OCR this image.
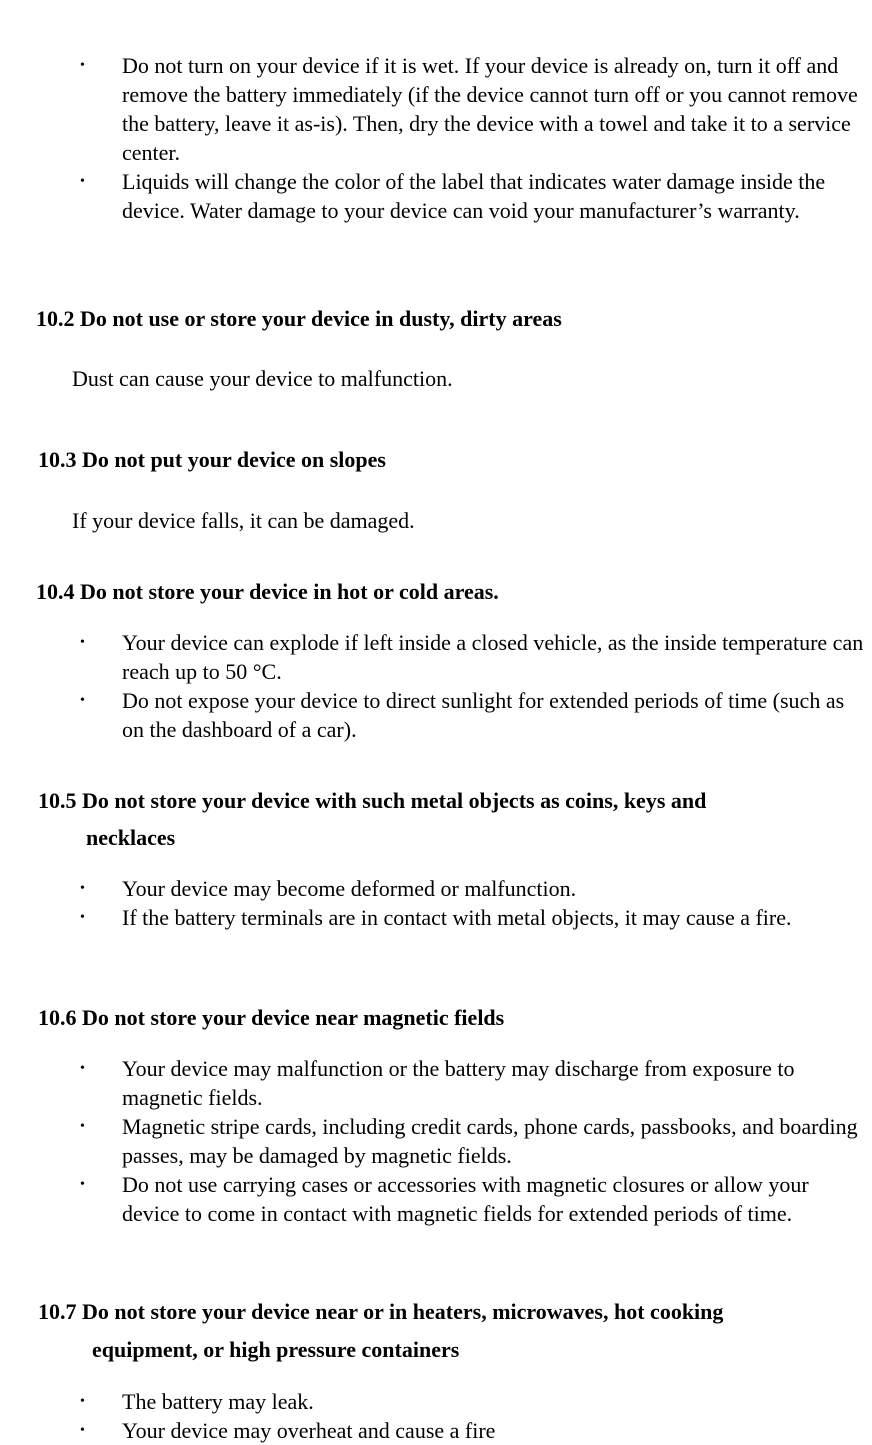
• Do not turn on your device if it is wet. If your device is already on, turn it off and remove the battery immediately (if the device cannot turn off or you cannot remove the battery, leave it as-is). Then, dry the device with a towel and take it to a service center.
• Liquids will change the color of the label that indicates water damage inside the device. Water damage to your device can void your manufacturer’s warranty.
10.2 Do not use or store your device in dusty, dirty areas

Dust can cause your device to malfunction.

10.3 Do not put your device on slopes

If your device falls, it can be damaged.

10.4 Do not store your device in hot or cold areas.
• Your device can explode if left inside a closed vehicle, as the inside temperature can reach up to 50 °C.
• Do not expose your device to direct sunlight for extended periods of time (such as on the dashboard of a car).
10.5 Do not store your device with such metal objects as coins, keys and
necklaces
• Your device may become deformed or malfunction.
• If the battery terminals are in contact with metal objects, it may cause a fire.
10.6 Do not store your device near magnetic fields
• Your device may malfunction or the battery may discharge from exposure to magnetic fields.
• Magnetic stripe cards, including credit cards, phone cards, passbooks, and boarding passes, may be damaged by magnetic fields.
• Do not use carrying cases or accessories with magnetic closures or allow your device to come in contact with magnetic fields for extended periods of time.
10.7 Do not store your device near or in heaters, microwaves, hot cooking
equipment, or high pressure containers
• The battery may leak.
• Your device may overheat and cause a fire
